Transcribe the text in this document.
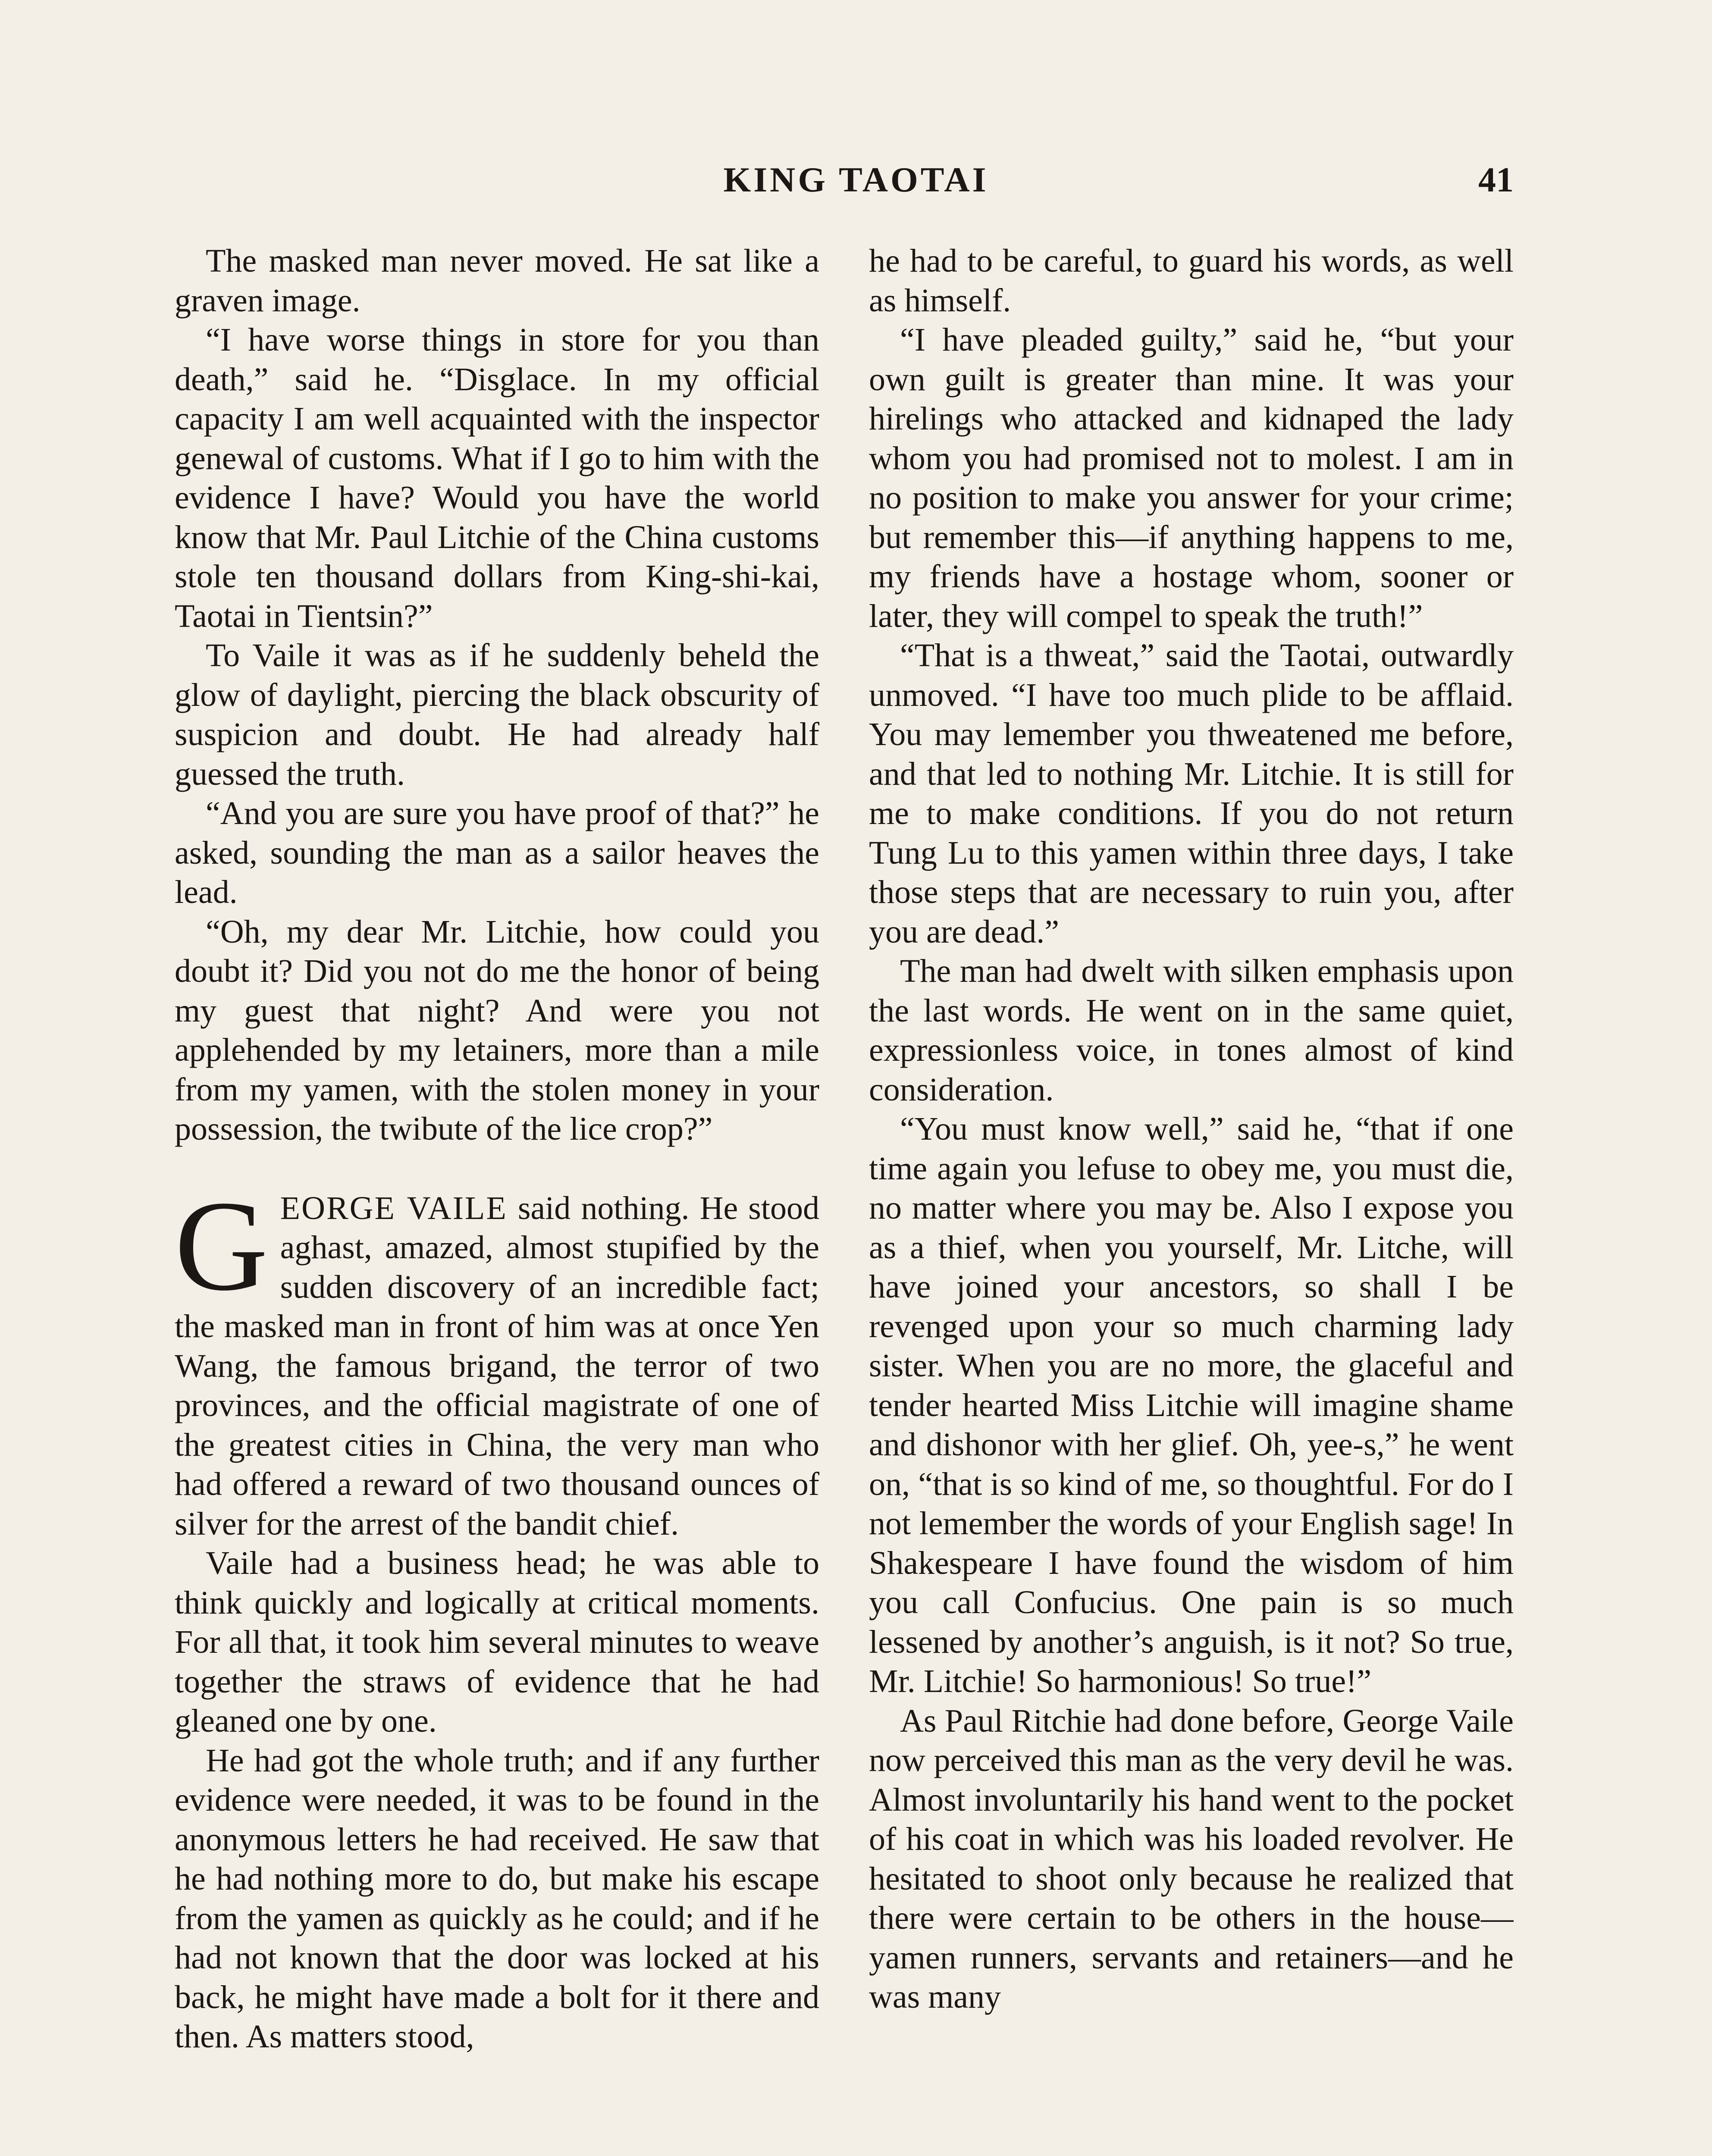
KING TAOTAI	41

The masked man never moved. He sat like a graven image.

“I have worse things in store for you than death,” said he. “Disglace. In my official capacity I am well acquainted with the inspector genewal of customs. What if I go to him with the evidence I have? Would you have the world know that Mr. Paul Litchie of the China customs stole ten thousand dollars from King-shi-kai, Taotai in Tientsin?”

To Vaile it was as if he suddenly beheld the glow of daylight, piercing the black obscurity of suspicion and doubt. He had already half guessed the truth.

“And you are sure you have proof of that?” he asked, sounding the man as a sailor heaves the lead.

“Oh, my dear Mr. Litchie, how could you doubt it? Did you not do me the honor of being my guest that night? And were you not applehended by my letainers, more than a mile from my yamen, with the stolen money in your possession, the twibute of the lice crop?”

GEORGE VAILE said nothing. He stood aghast, amazed, almost stupified by the sudden discovery of an incredible fact; the masked man in front of him was at once Yen Wang, the famous brigand, the terror of two provinces, and the official magistrate of one of the greatest cities in China, the very man who had offered a reward of two thousand ounces of silver for the arrest of the bandit chief.

Vaile had a business head; he was able to think quickly and logically at critical moments. For all that, it took him several minutes to weave together the straws of evidence that he had gleaned one by one.

He had got the whole truth; and if any further evidence were needed, it was to be found in the anonymous letters he had received. He saw that he had nothing more to do, but make his escape from the yamen as quickly as he could; and if he had not known that the door was locked at his back, he might have made a bolt for it there and then. As matters stood,

he had to be careful, to guard his words, as well as himself.

“I have pleaded guilty,” said he, “but your own guilt is greater than mine. It was your hirelings who attacked and kidnaped the lady whom you had promised not to molest. I am in no position to make you answer for your crime; but remember this—if anything happens to me, my friends have a hostage whom, sooner or later, they will compel to speak the truth!”

“That is a thweat,” said the Taotai, outwardly unmoved. “I have too much plide to be afflaid. You may lemember you thweatened me before, and that led to nothing Mr. Litchie. It is still for me to make conditions. If you do not return Tung Lu to this yamen within three days, I take those steps that are necessary to ruin you, after you are dead.”

The man had dwelt with silken emphasis upon the last words. He went on in the same quiet, expressionless voice, in tones almost of kind consideration.

“You must know well,” said he, “that if one time again you lefuse to obey me, you must die, no matter where you may be. Also I expose you as a thief, when you yourself, Mr. Litche, will have joined your ancestors, so shall I be revenged upon your so much charming lady sister. When you are no more, the glaceful and tender hearted Miss Litchie will imagine shame and dishonor with her glief. Oh, yee-s,” he went on, “that is so kind of me, so thoughtful. For do I not lemember the words of your English sage! In Shakespeare I have found the wisdom of him you call Confucius. One pain is so much lessened by another’s anguish, is it not? So true, Mr. Litchie! So harmonious! So true!”

As Paul Ritchie had done before, George Vaile now perceived this man as the very devil he was. Almost involuntarily his hand went to the pocket of his coat in which was his loaded revolver. He hesitated to shoot only because he realized that there were certain to be others in the house—yamen runners, servants and retainers—and he was many
